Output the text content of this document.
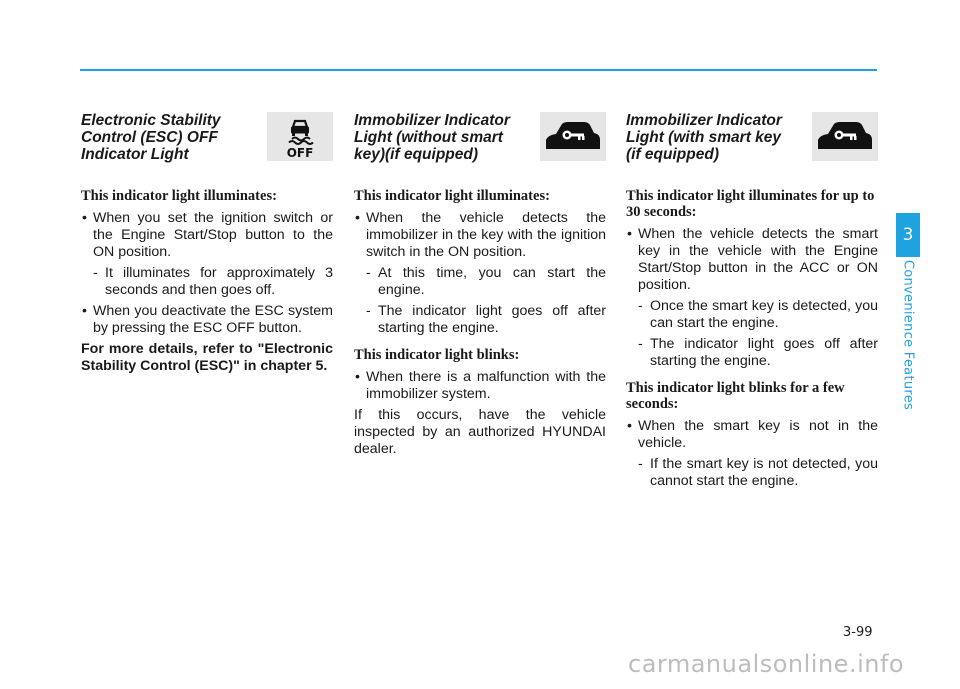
3
Convenience Features
Electronic Stability
Control (ESC) OFF
Indicator Light	OFF
This indicator light illuminates:
• When you set the ignition switch or the Engine Start/Stop button to the ON position.
- It illuminates for approximately 3 seconds and then goes off.
• When you deactivate the ESC system by pressing the ESC OFF button.
For more details, refer to "Electronic Stability Control (ESC)" in chapter 5.
Immobilizer Indicator
Light (without smart
key)(if equipped)
This indicator light illuminates:
• When the vehicle detects the immobilizer in the key with the ignition switch in the ON position.
- At this time, you can start the engine.
- The indicator light goes off after starting the engine.
This indicator light blinks:
• When there is a malfunction with the immobilizer system.
If this occurs, have the vehicle inspected by an authorized HYUNDAI dealer.
Immobilizer Indicator
Light (with smart key
(if equipped)
This indicator light illuminates for up to 30 seconds:
• When the vehicle detects the smart key in the vehicle with the Engine Start/Stop button in the ACC or ON position.
- Once the smart key is detected, you can start the engine.
- The indicator light goes off after starting the engine.
This indicator light blinks for a few seconds:
• When the smart key is not in the vehicle.
- If the smart key is not detected, you cannot start the engine.
3-99
carmanualsonline.info
